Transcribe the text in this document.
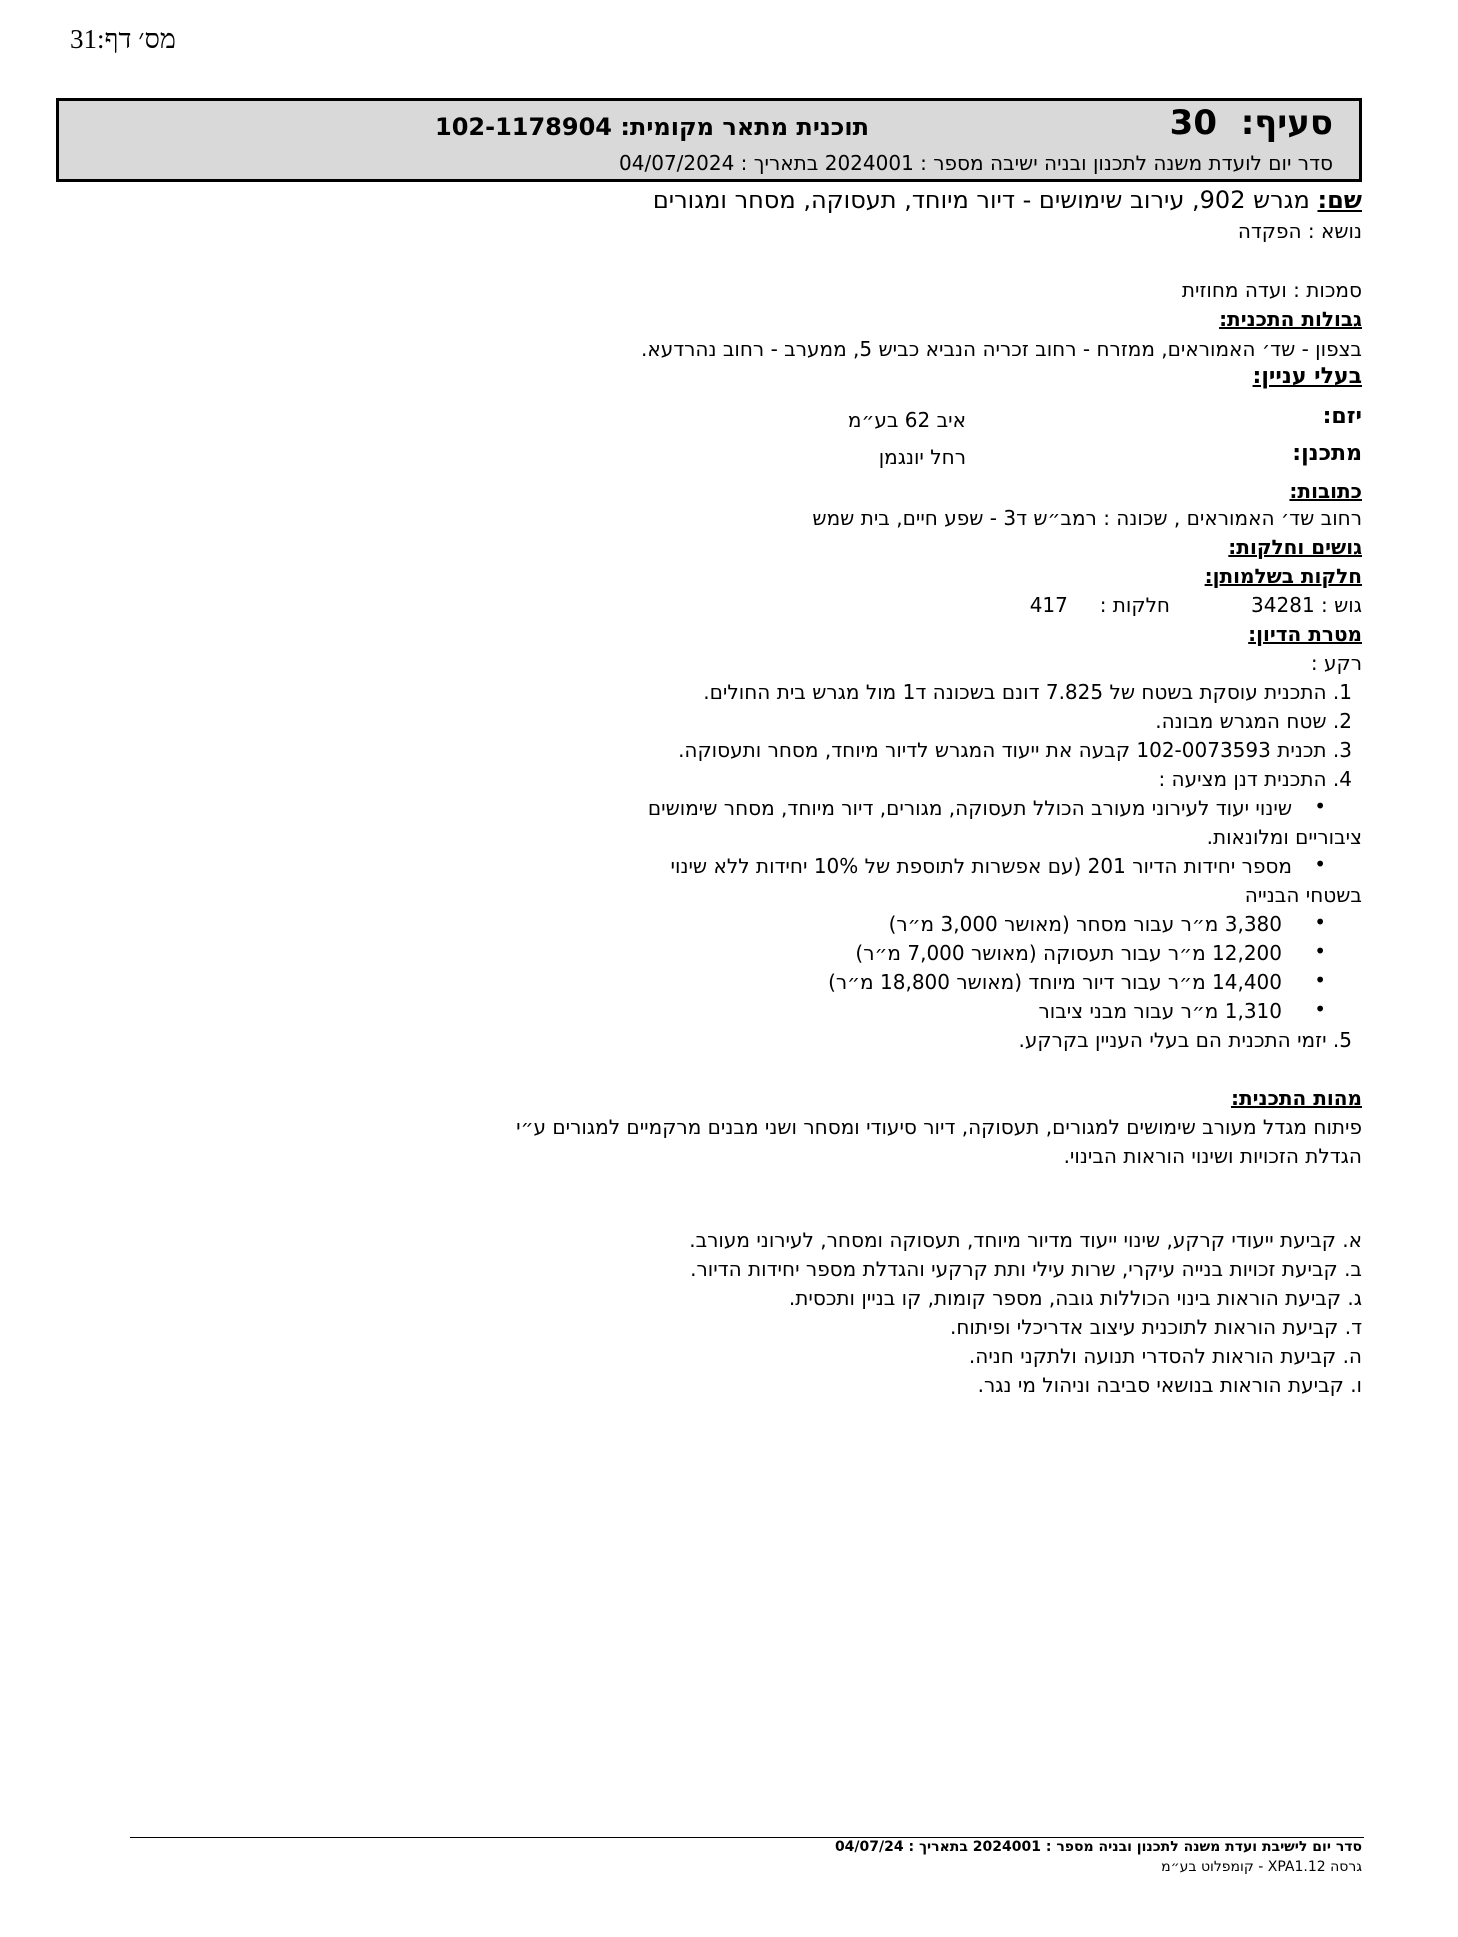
31:מס׳ דף
סעיף:  30
תוכנית מתאר מקומית: 102-1178904
סדר יום לועדת משנה לתכנון ובניה ישיבה מספר : 2024001 בתאריך : 04/07/2024
שם: מגרש 902, עירוב שימושים - דיור מיוחד, תעסוקה, מסחר ומגורים
נושא : הפקדה
סמכות : ועדה מחוזית
גבולות התכנית:
בצפון - שד׳ האמוראים, ממזרח - רחוב זכריה הנביא כביש 5, ממערב - רחוב נהרדעא.
בעלי עניין:
יזם:
איב 62 בע״מ
מתכנן:
רחל יונגמן
כתובות:
רחוב שד׳ האמוראים , שכונה : רמב״ש ד3 - שפע חיים, בית שמש
גושים וחלקות:
חלקות בשלמותן:
גוש : 34281
חלקות :     417
מטרת הדיון:
רקע :
1. התכנית עוסקת בשטח של 7.825 דונם בשכונה ד1 מול מגרש בית החולים.
2. שטח המגרש מבונה.
3. תכנית 102-0073593 קבעה את ייעוד המגרש לדיור מיוחד, מסחר ותעסוקה.
4. התכנית דנן מציעה :
•
שינוי יעוד לעירוני מעורב הכולל תעסוקה, מגורים, דיור מיוחד, מסחר שימושים
ציבוריים ומלונאות.
•
מספר יחידות הדיור 201 (עם אפשרות לתוספת של 10% יחידות ללא שינוי
בשטחי הבנייה
•
3,380 מ״ר עבור מסחר (מאושר 3,000 מ״ר)
•
12,200 מ״ר עבור תעסוקה (מאושר 7,000 מ״ר)
•
14,400 מ״ר עבור דיור מיוחד (מאושר 18,800 מ״ר)
•
1,310 מ״ר עבור מבני ציבור
5. יזמי התכנית הם בעלי העניין בקרקע.
מהות התכנית:
פיתוח מגדל מעורב שימושים למגורים, תעסוקה, דיור סיעודי ומסחר ושני מבנים מרקמיים למגורים ע״י
הגדלת הזכויות ושינוי הוראות הבינוי.
א. קביעת ייעודי קרקע, שינוי ייעוד מדיור מיוחד, תעסוקה ומסחר, לעירוני מעורב.
ב. קביעת זכויות בנייה עיקרי, שרות עילי ותת קרקעי והגדלת מספר יחידות הדיור.
ג. קביעת הוראות בינוי הכוללות גובה, מספר קומות, קו בניין ותכסית.
ד. קביעת הוראות לתוכנית עיצוב אדריכלי ופיתוח.
ה. קביעת הוראות להסדרי תנועה ולתקני חניה.
ו. קביעת הוראות בנושאי סביבה וניהול מי נגר.
סדר יום לישיבת ועדת משנה לתכנון ובניה מספר : 2024001 בתאריך : 04/07/24
גרסה XPA1.12 - קומפלוט בע״מ
